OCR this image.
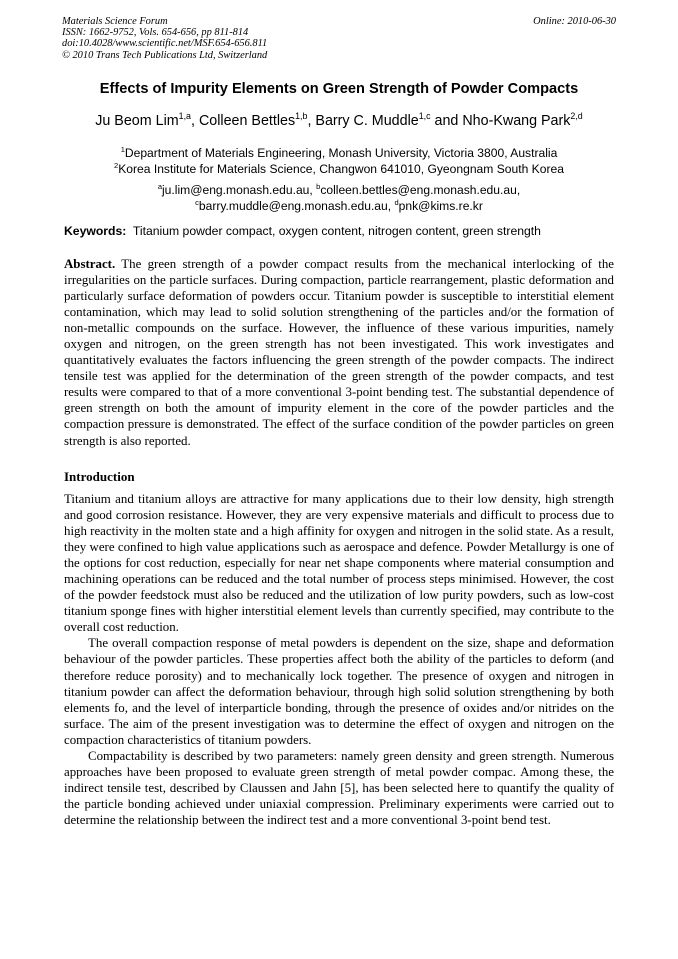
Materials Science Forum
ISSN: 1662-9752, Vols. 654-656, pp 811-814
doi:10.4028/www.scientific.net/MSF.654-656.811
© 2010 Trans Tech Publications Ltd, Switzerland
Online: 2010-06-30
Effects of Impurity Elements on Green Strength of Powder Compacts
Ju Beom Lim$^{1,a}$, Colleen Bettles$^{1,b}$, Barry C. Muddle$^{1,c}$ and Nho-Kwang Park$^{2,d}$
$^1$Department of Materials Engineering, Monash University, Victoria 3800, Australia
$^2$Korea Institute for Materials Science, Changwon 641010, Gyeongnam South Korea
$^a$ju.lim@eng.monash.edu.au, $^b$colleen.bettles@eng.monash.edu.au,
$^c$barry.muddle@eng.monash.edu.au, $^d$pnk@kims.re.kr
Keywords: Titanium powder compact, oxygen content, nitrogen content, green strength

Abstract. The green strength of a powder compact results from the mechanical interlocking of the irregularities on the particle surfaces. During compaction, particle rearrangement, plastic deformation and particularly surface deformation of powders occur. Titanium powder is susceptible to interstitial element contamination, which may lead to solid solution strengthening of the particles and/or the formation of non-metallic compounds on the surface. However, the influence of these various impurities, namely oxygen and nitrogen, on the green strength has not been investigated. This work investigates and quantitatively evaluates the factors influencing the green strength of the powder compacts. The indirect tensile test was applied for the determination of the green strength of the powder compacts, and test results were compared to that of a more conventional 3-point bending test. The substantial dependence of green strength on both the amount of impurity element in the core of the powder particles and the compaction pressure is demonstrated. The effect of the surface condition of the powder particles on green strength is also reported.

Introduction

Titanium and titanium alloys are attractive for many applications due to their low density, high strength and good corrosion resistance. However, they are very expensive materials and difficult to process due to high reactivity in the molten state and a high affinity for oxygen and nitrogen in the solid state. As a result, they were confined to high value applications such as aerospace and defence. Powder Metallurgy is one of the options for cost reduction, especially for near net shape components where material consumption and machining operations can be reduced and the total number of process steps minimised. However, the cost of the powder feedstock must also be reduced and the utilization of low purity powders, such as low-cost titanium sponge fines with higher interstitial element levels than currently specified, may contribute to the overall cost reduction.

The overall compaction response of metal powders is dependent on the size, shape and deformation behaviour of the powder particles. These properties affect both the ability of the particles to deform (and therefore reduce porosity) and to mechanically lock together. The presence of oxygen and nitrogen in titanium powder can affect the deformation behaviour, through high solid solution strengthening by both elements fo, and the level of interparticle bonding, through the presence of oxides and/or nitrides on the surface. The aim of the present investigation was to determine the effect of oxygen and nitrogen on the compaction characteristics of titanium powders.

Compactability is described by two parameters: namely green density and green strength. Numerous approaches have been proposed to evaluate green strength of metal powder compac. Among these, the indirect tensile test, described by Claussen and Jahn [5], has been selected here to quantify the quality of the particle bonding achieved under uniaxial compression. Preliminary experiments were carried out to determine the relationship between the indirect test and a more conventional 3-point bend test.
